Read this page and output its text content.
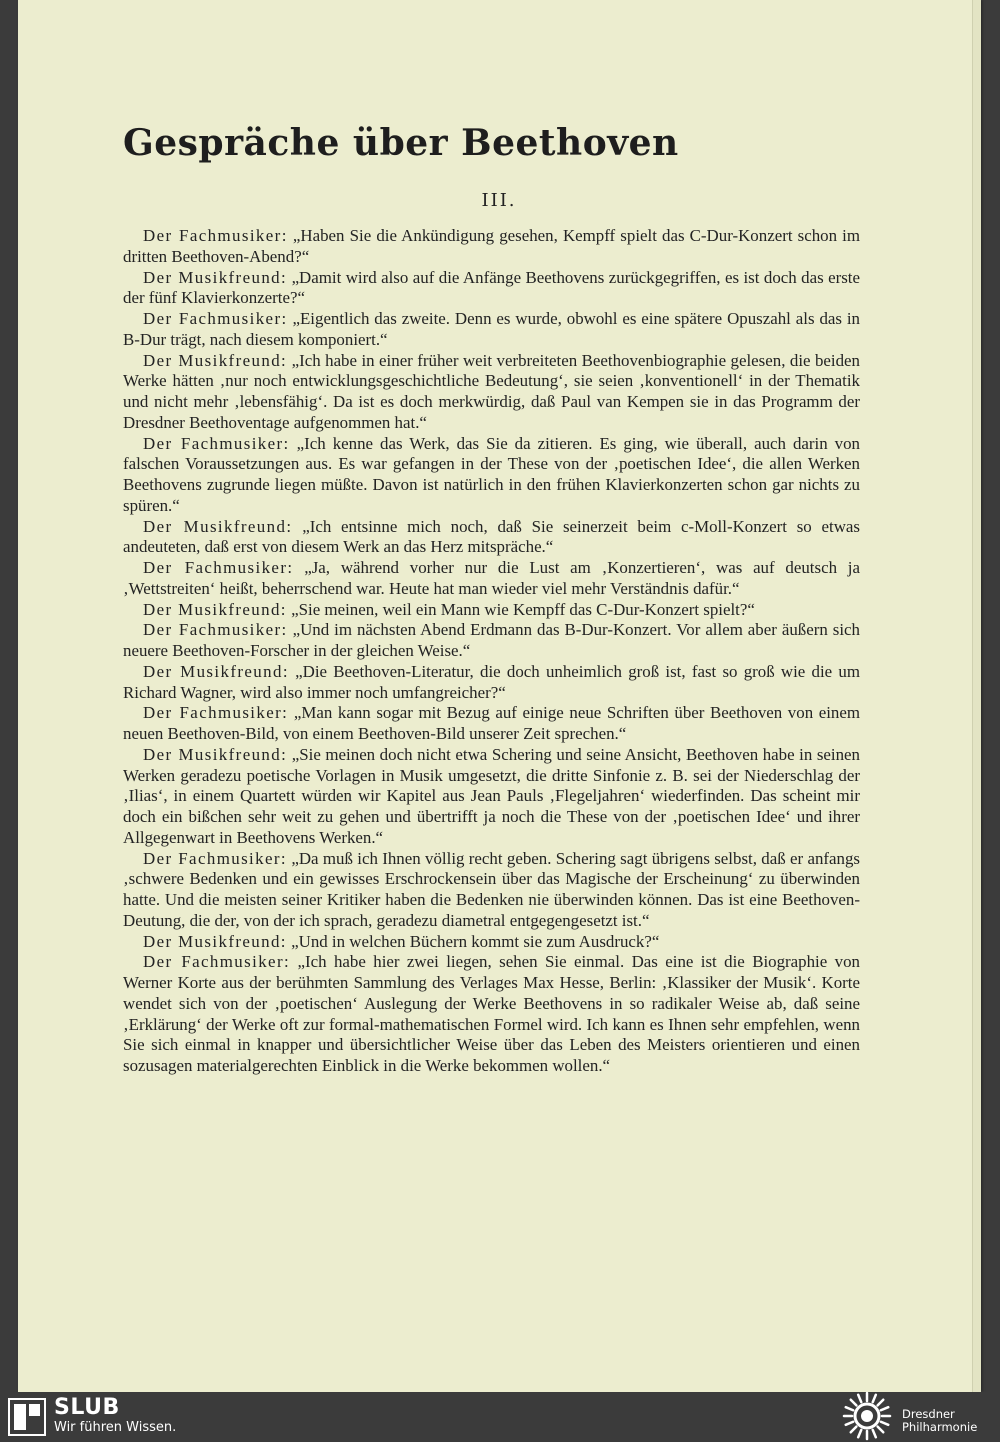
Gespräche über Beethoven
III.

Der Fachmusiker: „Haben Sie die Ankündigung gesehen, Kempff spielt das C-Dur-Konzert schon im dritten Beethoven-Abend?“

Der Musikfreund: „Damit wird also auf die Anfänge Beethovens zurückgegriffen, es ist doch das erste der fünf Klavierkonzerte?“

Der Fachmusiker: „Eigentlich das zweite. Denn es wurde, obwohl es eine spätere Opuszahl als das in B-Dur trägt, nach diesem komponiert.“

Der Musikfreund: „Ich habe in einer früher weit verbreiteten Beethovenbiographie gelesen, die beiden Werke hätten ‚nur noch entwicklungsgeschichtliche Bedeutung‘, sie seien ‚konventionell‘ in der Thematik und nicht mehr ‚lebensfähig‘. Da ist es doch merkwürdig, daß Paul van Kempen sie in das Programm der Dresdner Beethoventage aufgenommen hat.“

Der Fachmusiker: „Ich kenne das Werk, das Sie da zitieren. Es ging, wie überall, auch darin von falschen Voraussetzungen aus. Es war gefangen in der These von der ‚poetischen Idee‘, die allen Werken Beethovens zugrunde liegen müßte. Davon ist natürlich in den frühen Klavierkonzerten schon gar nichts zu spüren.“

Der Musikfreund: „Ich entsinne mich noch, daß Sie seinerzeit beim c-Moll-Konzert so etwas andeuteten, daß erst von diesem Werk an das Herz mitspräche.“

Der Fachmusiker: „Ja, während vorher nur die Lust am ‚Konzertieren‘, was auf deutsch ja ‚Wettstreiten‘ heißt, beherrschend war. Heute hat man wieder viel mehr Verständnis dafür.“

Der Musikfreund: „Sie meinen, weil ein Mann wie Kempff das C-Dur-Konzert spielt?“

Der Fachmusiker: „Und im nächsten Abend Erdmann das B-Dur-Konzert. Vor allem aber äußern sich neuere Beethoven-Forscher in der gleichen Weise.“

Der Musikfreund: „Die Beethoven-Literatur, die doch unheimlich groß ist, fast so groß wie die um Richard Wagner, wird also immer noch umfangreicher?“

Der Fachmusiker: „Man kann sogar mit Bezug auf einige neue Schriften über Beethoven von einem neuen Beethoven-Bild, von einem Beethoven-Bild unserer Zeit sprechen.“

Der Musikfreund: „Sie meinen doch nicht etwa Schering und seine Ansicht, Beethoven habe in seinen Werken geradezu poetische Vorlagen in Musik umgesetzt, die dritte Sinfonie z. B. sei der Niederschlag der ‚Ilias‘, in einem Quartett würden wir Kapitel aus Jean Pauls ‚Flegeljahren‘ wiederfinden. Das scheint mir doch ein bißchen sehr weit zu gehen und übertrifft ja noch die These von der ‚poetischen Idee‘ und ihrer Allgegenwart in Beethovens Werken.“

Der Fachmusiker: „Da muß ich Ihnen völlig recht geben. Schering sagt übrigens selbst, daß er anfangs ‚schwere Bedenken und ein gewisses Erschrockensein über das Magische der Erscheinung‘ zu überwinden hatte. Und die meisten seiner Kritiker haben die Bedenken nie überwinden können. Das ist eine Beethoven-Deutung, die der, von der ich sprach, geradezu diametral entgegengesetzt ist.“

Der Musikfreund: „Und in welchen Büchern kommt sie zum Ausdruck?“

Der Fachmusiker: „Ich habe hier zwei liegen, sehen Sie einmal. Das eine ist die Biographie von Werner Korte aus der berühmten Sammlung des Verlages Max Hesse, Berlin: ‚Klassiker der Musik‘. Korte wendet sich von der ‚poetischen‘ Auslegung der Werke Beethovens in so radikaler Weise ab, daß seine ‚Erklärung‘ der Werke oft zur formal-mathematischen Formel wird. Ich kann es Ihnen sehr empfehlen, wenn Sie sich einmal in knapper und übersichtlicher Weise über das Leben des Meisters orientieren und einen sozusagen materialgerechten Einblick in die Werke bekommen wollen.“

SLUB
Wir führen Wissen.
Dresdner
Philharmonie
